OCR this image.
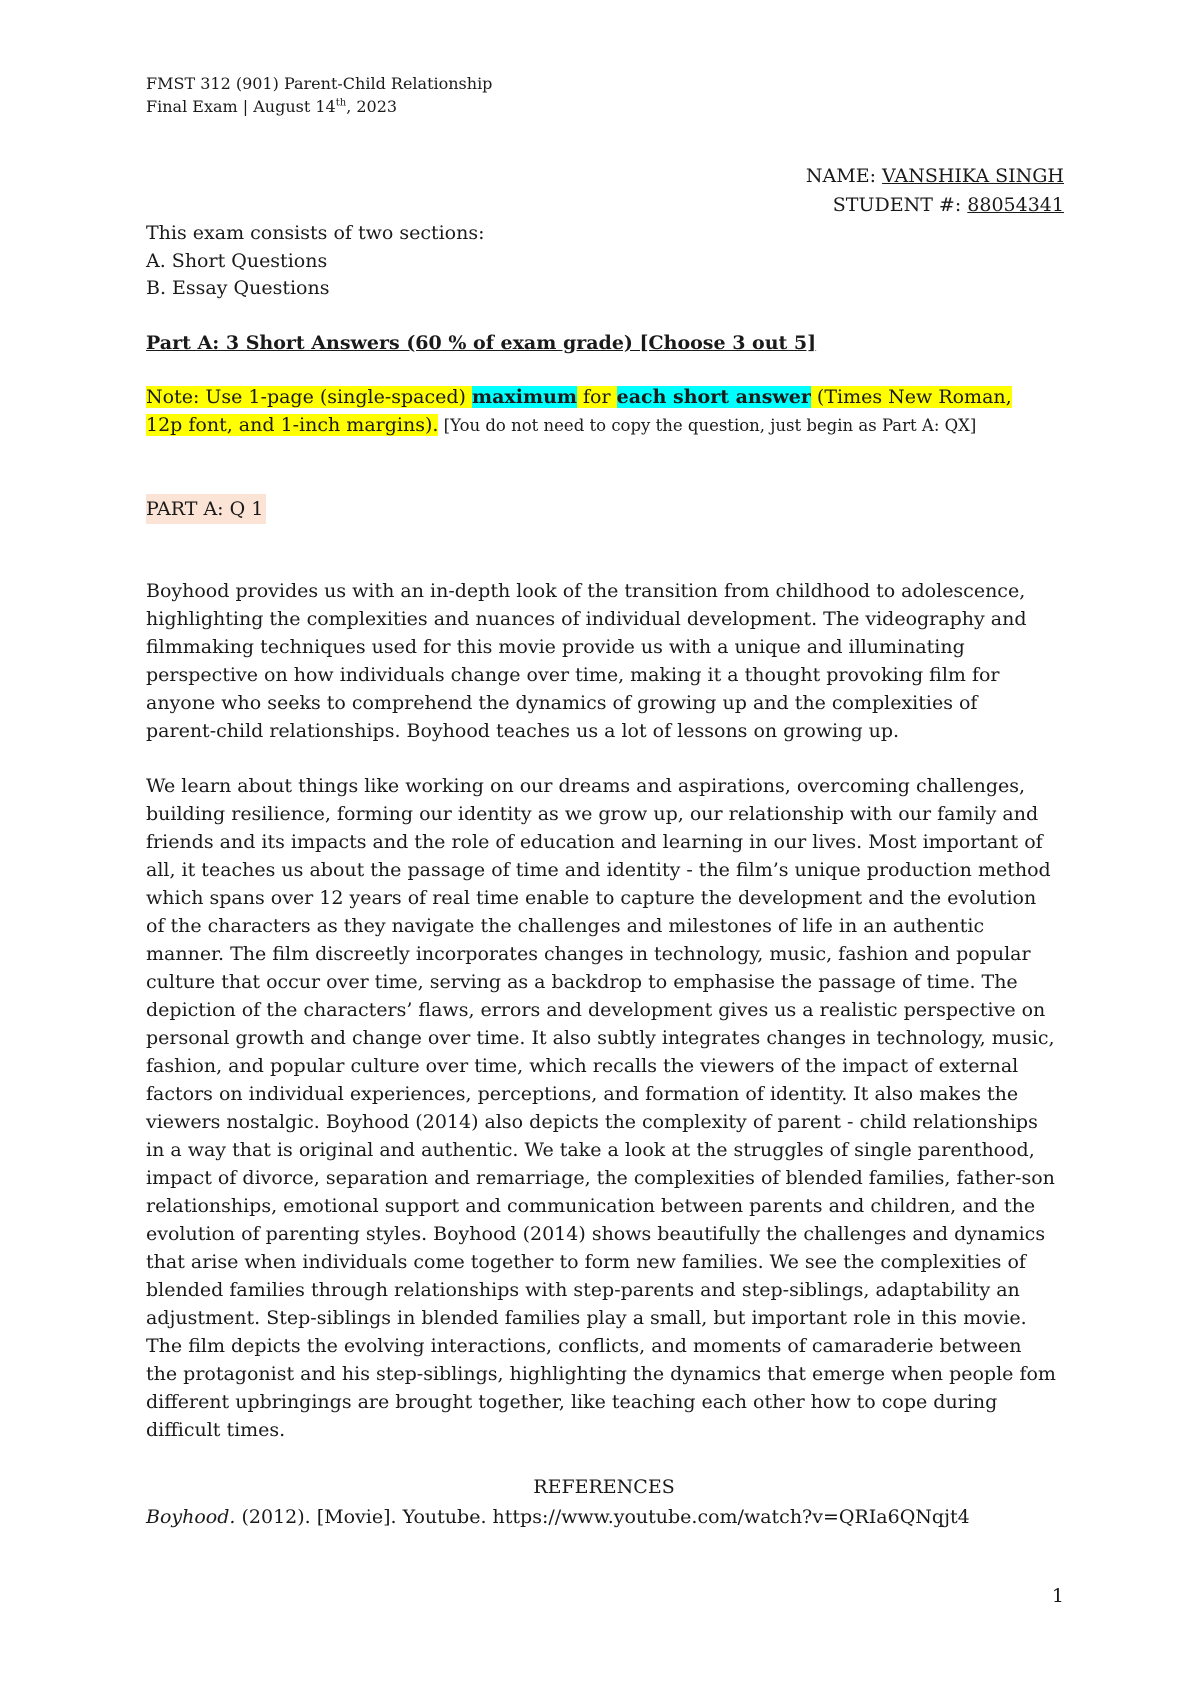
FMST 312 (901) Parent-Child Relationship
Final Exam | August 14th, 2023
NAME: VANSHIKA SINGH
STUDENT #: 88054341
This exam consists of two sections:
A. Short Questions
B. Essay Questions
Part A: 3 Short Answers (60 % of exam grade) [Choose 3 out 5]
Note: Use 1-page (single-spaced) maximum for each short answer (Times New Roman,
12p font, and 1-inch margins). [You do not need to copy the question, just begin as Part A: QX]
PART A: Q 1
Boyhood provides us with an in-depth look of the transition from childhood to adolescence,
highlighting the complexities and nuances of individual development. The videography and
filmmaking techniques used for this movie provide us with a unique and illuminating
perspective on how individuals change over time, making it a thought provoking film for
anyone who seeks to comprehend the dynamics of growing up and the complexities of
parent-child relationships. Boyhood teaches us a lot of lessons on growing up.
We learn about things like working on our dreams and aspirations, overcoming challenges,
building resilience, forming our identity as we grow up, our relationship with our family and
friends and its impacts and the role of education and learning in our lives. Most important of
all, it teaches us about the passage of time and identity - the film’s unique production method
which spans over 12 years of real time enable to capture the development and the evolution
of the characters as they navigate the challenges and milestones of life in an authentic
manner. The film discreetly incorporates changes in technology, music, fashion and popular
culture that occur over time, serving as a backdrop to emphasise the passage of time. The
depiction of the characters’ flaws, errors and development gives us a realistic perspective on
personal growth and change over time. It also subtly integrates changes in technology, music,
fashion, and popular culture over time, which recalls the viewers of the impact of external
factors on individual experiences, perceptions, and formation of identity. It also makes the
viewers nostalgic. Boyhood (2014) also depicts the complexity of parent - child relationships
in a way that is original and authentic. We take a look at the struggles of single parenthood,
impact of divorce, separation and remarriage, the complexities of blended families, father-son
relationships, emotional support and communication between parents and children, and the
evolution of parenting styles. Boyhood (2014) shows beautifully the challenges and dynamics
that arise when individuals come together to form new families. We see the complexities of
blended families through relationships with step-parents and step-siblings, adaptability an
adjustment. Step-siblings in blended families play a small, but important role in this movie.
The film depicts the evolving interactions, conflicts, and moments of camaraderie between
the protagonist and his step-siblings, highlighting the dynamics that emerge when people fom
different upbringings are brought together, like teaching each other how to cope during
difficult times.
REFERENCES
Boyhood. (2012). [Movie]. Youtube. https://www.youtube.com/watch?v=QRIa6QNqjt4
1
